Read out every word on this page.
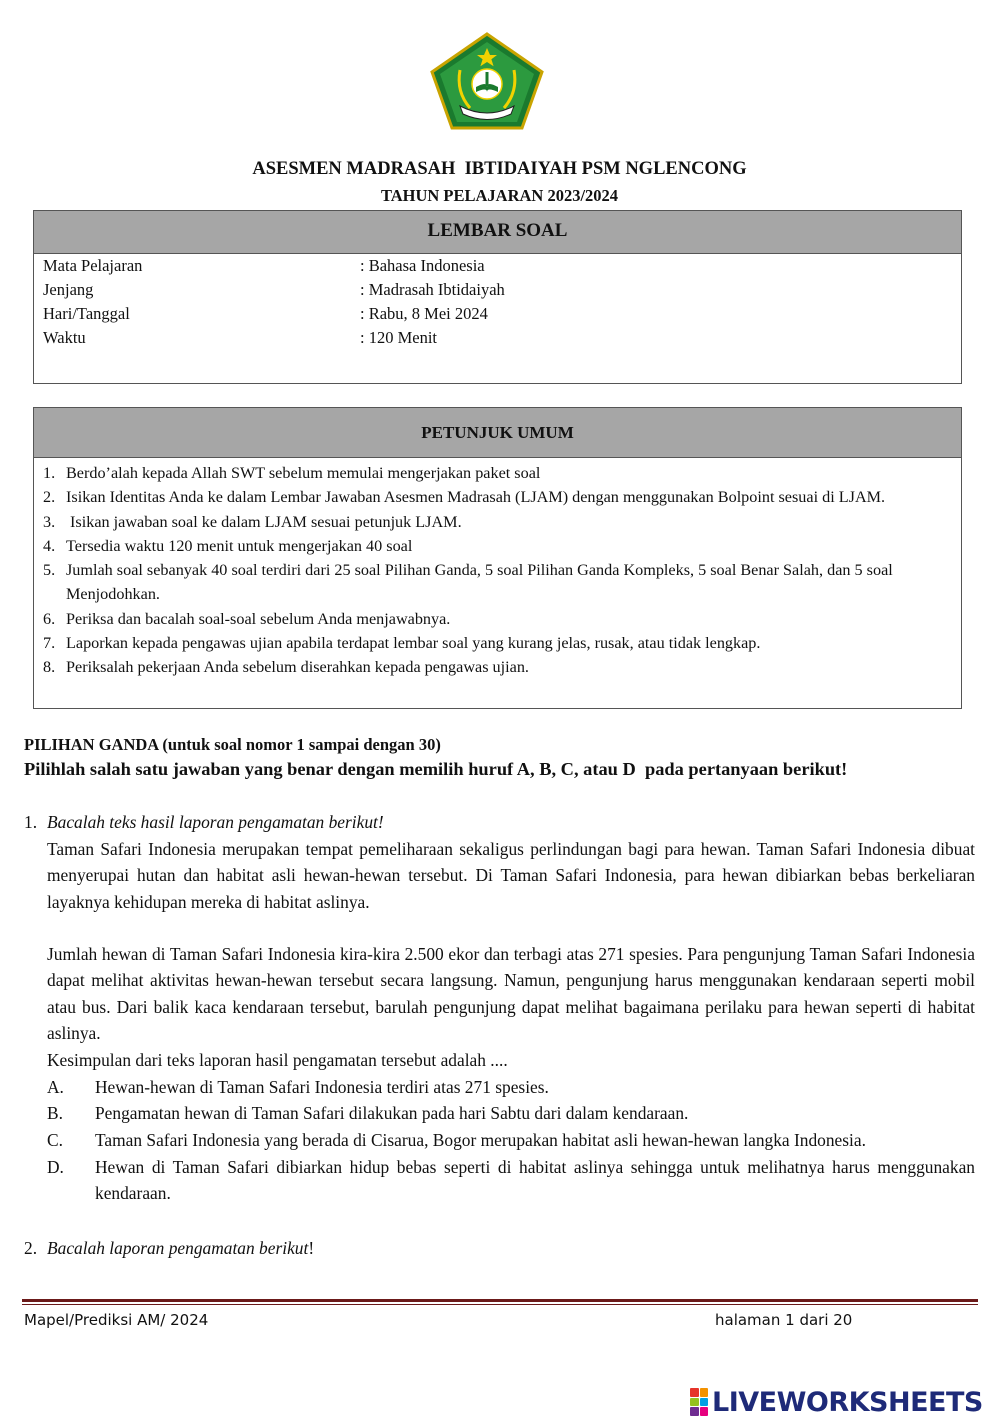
ASESMEN MADRASAH  IBTIDAIYAH PSM NGLENCONG
TAHUN PELAJARAN 2023/2024
LEMBAR SOAL
Mata Pelajaran	: Bahasa Indonesia
Jenjang	: Madrasah Ibtidaiyah
Hari/Tanggal	: Rabu, 8 Mei 2024
Waktu	: 120 Menit
PETUNJUK UMUM
1. Berdo’alah kepada Allah SWT sebelum memulai mengerjakan paket soal
2. Isikan Identitas Anda ke dalam Lembar Jawaban Asesmen Madrasah (LJAM) dengan menggunakan Bolpoint sesuai di LJAM.
3. Isikan jawaban soal ke dalam LJAM sesuai petunjuk LJAM.
4. Tersedia waktu 120 menit untuk mengerjakan 40 soal
5. Jumlah soal sebanyak 40 soal terdiri dari 25 soal Pilihan Ganda, 5 soal Pilihan Ganda Kompleks, 5 soal Benar Salah, dan 5 soal Menjodohkan.
6. Periksa dan bacalah soal-soal sebelum Anda menjawabnya.
7. Laporkan kepada pengawas ujian apabila terdapat lembar soal yang kurang jelas, rusak, atau tidak lengkap.
8. Periksalah pekerjaan Anda sebelum diserahkan kepada pengawas ujian.
PILIHAN GANDA (untuk soal nomor 1 sampai dengan 30)
Pilihlah salah satu jawaban yang benar dengan memilih huruf A, B, C, atau D  pada pertanyaan berikut!
1. Bacalah teks hasil laporan pengamatan berikut!
Taman Safari Indonesia merupakan tempat pemeliharaan sekaligus perlindungan bagi para hewan. Taman Safari Indonesia dibuat menyerupai hutan dan habitat asli hewan-hewan tersebut. Di Taman Safari Indonesia, para hewan dibiarkan bebas berkeliaran layaknya kehidupan mereka di habitat aslinya.
Jumlah hewan di Taman Safari Indonesia kira-kira 2.500 ekor dan terbagi atas 271 spesies. Para pengunjung Taman Safari Indonesia dapat melihat aktivitas hewan-hewan tersebut secara langsung. Namun, pengunjung harus menggunakan kendaraan seperti mobil atau bus. Dari balik kaca kendaraan tersebut, barulah pengunjung dapat melihat bagaimana perilaku para hewan seperti di habitat aslinya.
Kesimpulan dari teks laporan hasil pengamatan tersebut adalah ....
A. Hewan-hewan di Taman Safari Indonesia terdiri atas 271 spesies.
B. Pengamatan hewan di Taman Safari dilakukan pada hari Sabtu dari dalam kendaraan.
C. Taman Safari Indonesia yang berada di Cisarua, Bogor merupakan habitat asli hewan-hewan langka Indonesia.
D. Hewan di Taman Safari dibiarkan hidup bebas seperti di habitat aslinya sehingga untuk melihatnya harus menggunakan kendaraan.
2. Bacalah laporan pengamatan berikut!
Mapel/Prediksi AM/ 2024	halaman 1 dari 20
LIVEWORKSHEETS
